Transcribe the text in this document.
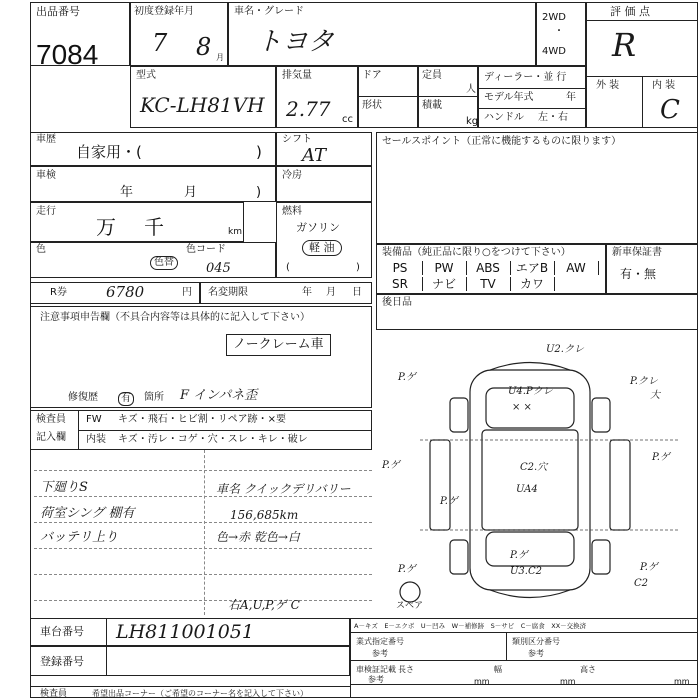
出品番号
7084
初度登録年月
7 8 月
車名・グレード
トヨタ
2WD
・
4WD
評 価 点
R
外 装	内 装
C
型式
KC-LH81VH
排気量
2.77 cc
ドア
形状
定員
人
積載
kg
ディーラー・並 行
モデル年式	年
ハンドル 左・右
車歴
自家用・(	)
車検
年	月	)
走行
万 千	km
色
色替
色コード
045
シフト
AT
冷房
燃料
ガソリン
軽 油
(	)
セールスポイント（正常に機能するものに限ります）
装備品（純正品に限り○をつけて下さい）
PS	PW	ABS	エアB	AW
SR	ナビ	TV	カワ
新車保証書
有・無
R券	6780	円 名変期限	年 月 日
後日品
注意事項申告欄（不具合内容等は具体的に記入して下さい）
ノークレーム車
修復歴	有	箇所 F インパネ歪
検査員
記入欄
FW キズ・飛石・ヒビ割・リペア跡・×要
内装 キズ・汚レ・コゲ・穴・スレ・キレ・破レ
下廻りS
荷室シング 棚有
バッテリ上り
車名 クイックデリバリー
156,685km
色→赤 乾色→白
右A,U,P,ゲ C
U2.クレ
P.ゲ
U4.Pクレ
× ×
P.クレ
大
P.ゲ
P.ゲ
P.ゲ
C2.穴
UA4
P.ゲ	U3.C2
P.ゲ
P.ゲ
C2
スペア
車台番号 LH811001051
登録番号
A－キズ　E－エクボ　U－凹み　W－補修跡　S－サビ　C－腐食　XX－交換済
業式指定番号
参考
類別区分番号
参考
車検証記載
参考
長さ	幅	高さ
mm	mm	mm
検査員	希望出品コーナー（ご希望のコーナー名を記入して下さい）
